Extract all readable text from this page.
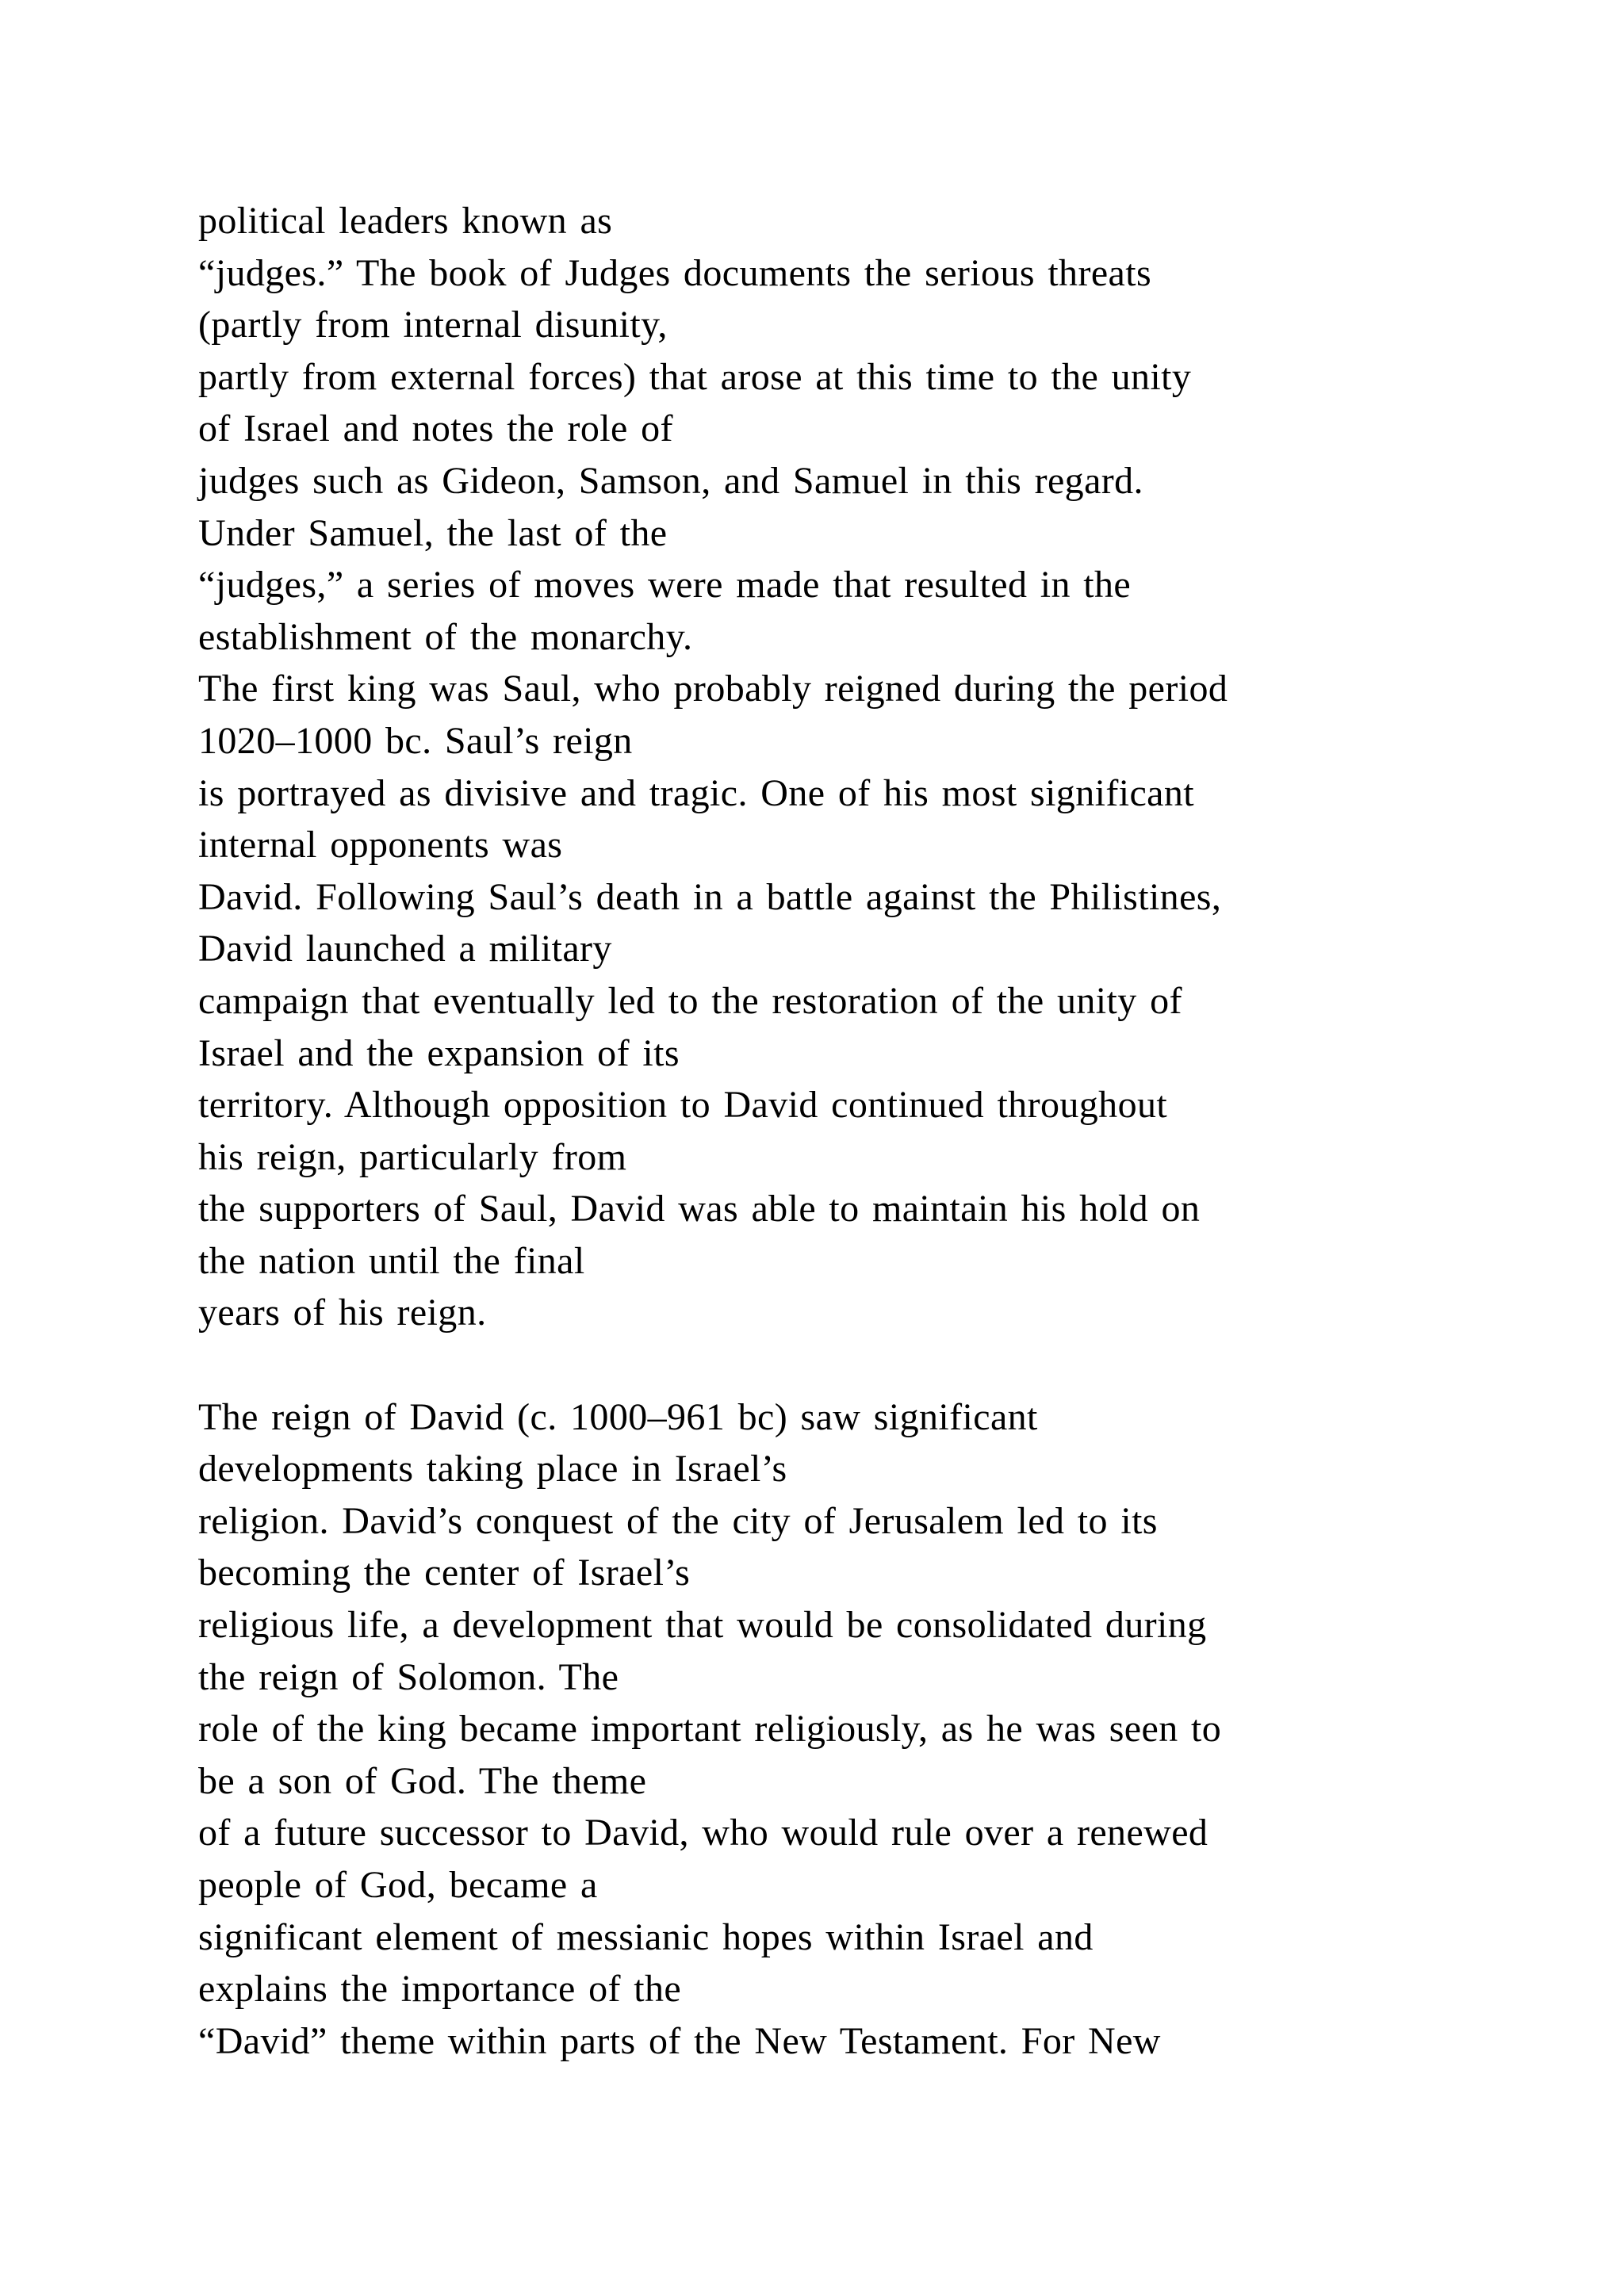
political leaders known as
“judges.” The book of Judges documents the serious threats
(partly from internal disunity,
partly from external forces) that arose at this time to the unity
of Israel and notes the role of
judges such as Gideon, Samson, and Samuel in this regard.
Under Samuel, the last of the
“judges,” a series of moves were made that resulted in the
establishment of the monarchy.
The first king was Saul, who probably reigned during the period
1020–1000 bc. Saul’s reign
is portrayed as divisive and tragic. One of his most significant
internal opponents was
David. Following Saul’s death in a battle against the Philistines,
David launched a military
campaign that eventually led to the restoration of the unity of
Israel and the expansion of its
territory. Although opposition to David continued throughout
his reign, particularly from
the supporters of Saul, David was able to maintain his hold on
the nation until the final
years of his reign.
The reign of David (c. 1000–961 bc) saw significant
developments taking place in Israel’s
religion. David’s conquest of the city of Jerusalem led to its
becoming the center of Israel’s
religious life, a development that would be consolidated during
the reign of Solomon. The
role of the king became important religiously, as he was seen to
be a son of God. The theme
of a future successor to David, who would rule over a renewed
people of God, became a
significant element of messianic hopes within Israel and
explains the importance of the
“David” theme within parts of the New Testament. For New
